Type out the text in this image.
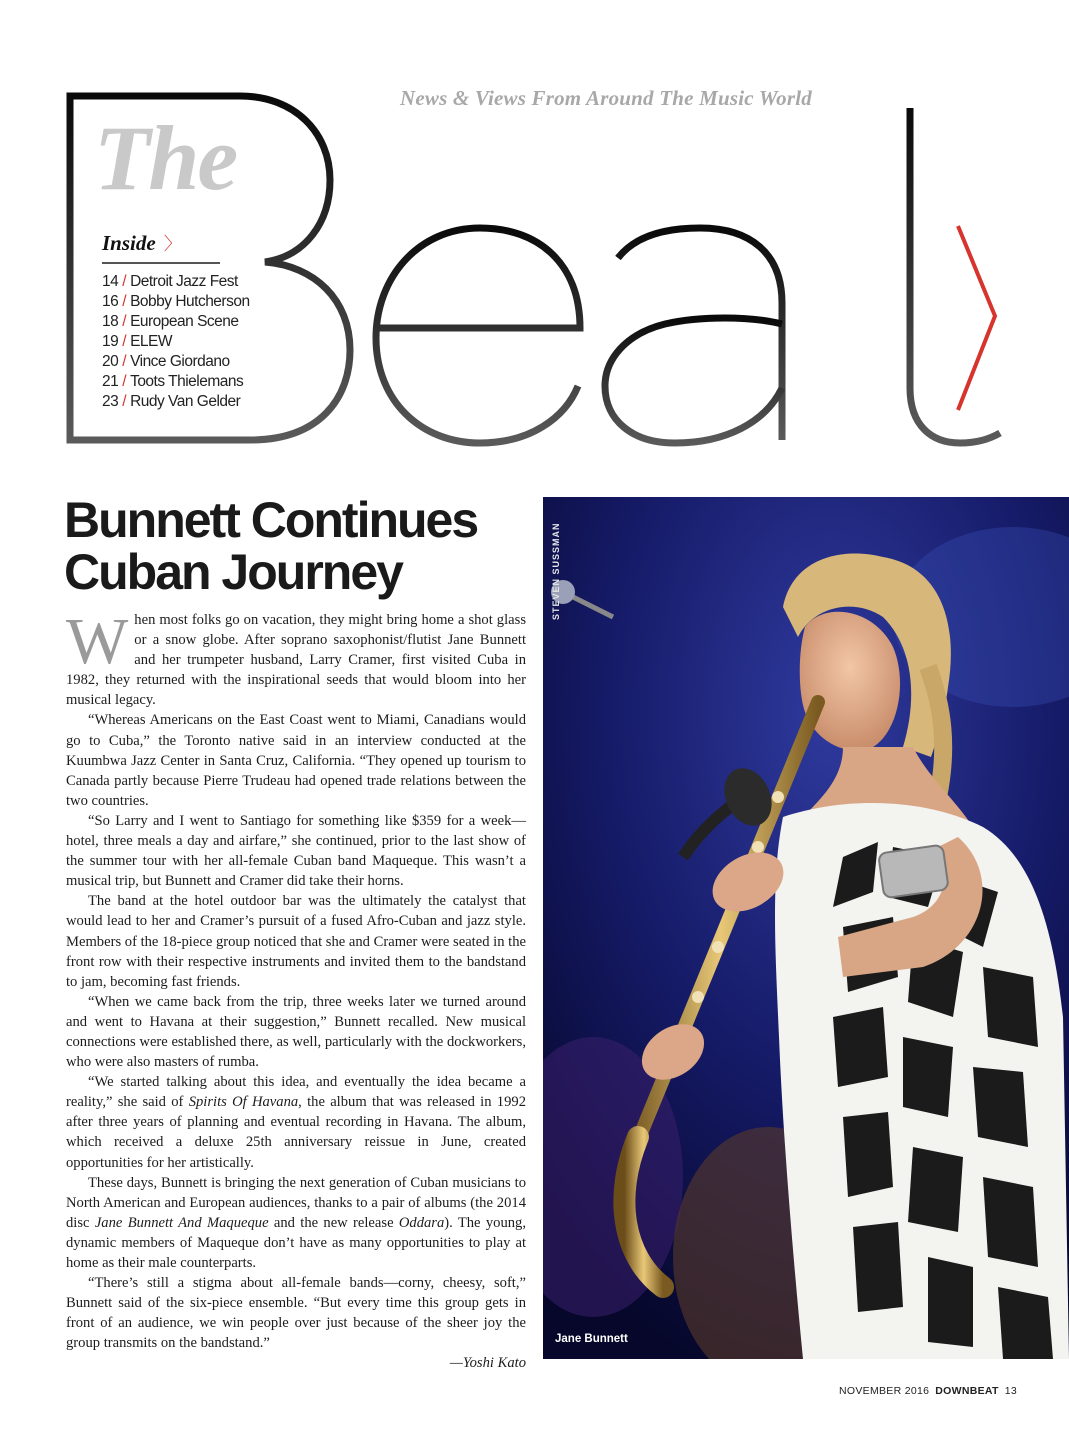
News & Views From Around The Music World
The
Inside 〉
14 / Detroit Jazz Fest
16 / Bobby Hutcherson
18 / European Scene
19 / ELEW
20 / Vince Giordano
21 / Toots Thielemans
23 / Rudy Van Gelder
Bunnett Continues Cuban Journey

When most folks go on vacation, they might bring home a shot glass or a snow globe. After soprano saxophonist/flutist Jane Bunnett and her trumpeter husband, Larry Cramer, first visited Cuba in 1982, they returned with the inspirational seeds that would bloom into her musical legacy.

“Whereas Americans on the East Coast went to Miami, Canadians would go to Cuba,” the Toronto native said in an interview conducted at the Kuumbwa Jazz Center in Santa Cruz, California. “They opened up tourism to Canada partly because Pierre Trudeau had opened trade relations between the two countries.

“So Larry and I went to Santiago for something like $359 for a week—hotel, three meals a day and airfare,” she continued, prior to the last show of the summer tour with her all-female Cuban band Maqueque. This wasn’t a musical trip, but Bunnett and Cramer did take their horns.

The band at the hotel outdoor bar was the ultimately the catalyst that would lead to her and Cramer’s pursuit of a fused Afro-Cuban and jazz style. Members of the 18-piece group noticed that she and Cramer were seated in the front row with their respective instruments and invited them to the bandstand to jam, becoming fast friends.

“When we came back from the trip, three weeks later we turned around and went to Havana at their suggestion,” Bunnett recalled. New musical connections were established there, as well, particularly with the dockworkers, who were also masters of rumba.

“We started talking about this idea, and eventually the idea became a reality,” she said of Spirits Of Havana, the album that was released in 1992 after three years of planning and eventual recording in Havana. The album, which received a deluxe 25th anniversary reissue in June, created opportunities for her artistically.

These days, Bunnett is bringing the next generation of Cuban musicians to North American and European audiences, thanks to a pair of albums (the 2014 disc Jane Bunnett And Maqueque and the new release Oddara). The young, dynamic members of Maqueque don’t have as many opportunities to play at home as their male counterparts.

“There’s still a stigma about all-female bands—corny, cheesy, soft,” Bunnett said of the six-piece ensemble. “But every time this group gets in front of an audience, we win people over just because of the sheer joy the group transmits on the bandstand.”

—Yoshi Kato
STEVEN SUSSMAN
Jane Bunnett
NOVEMBER 2016 DOWNBEAT 13
